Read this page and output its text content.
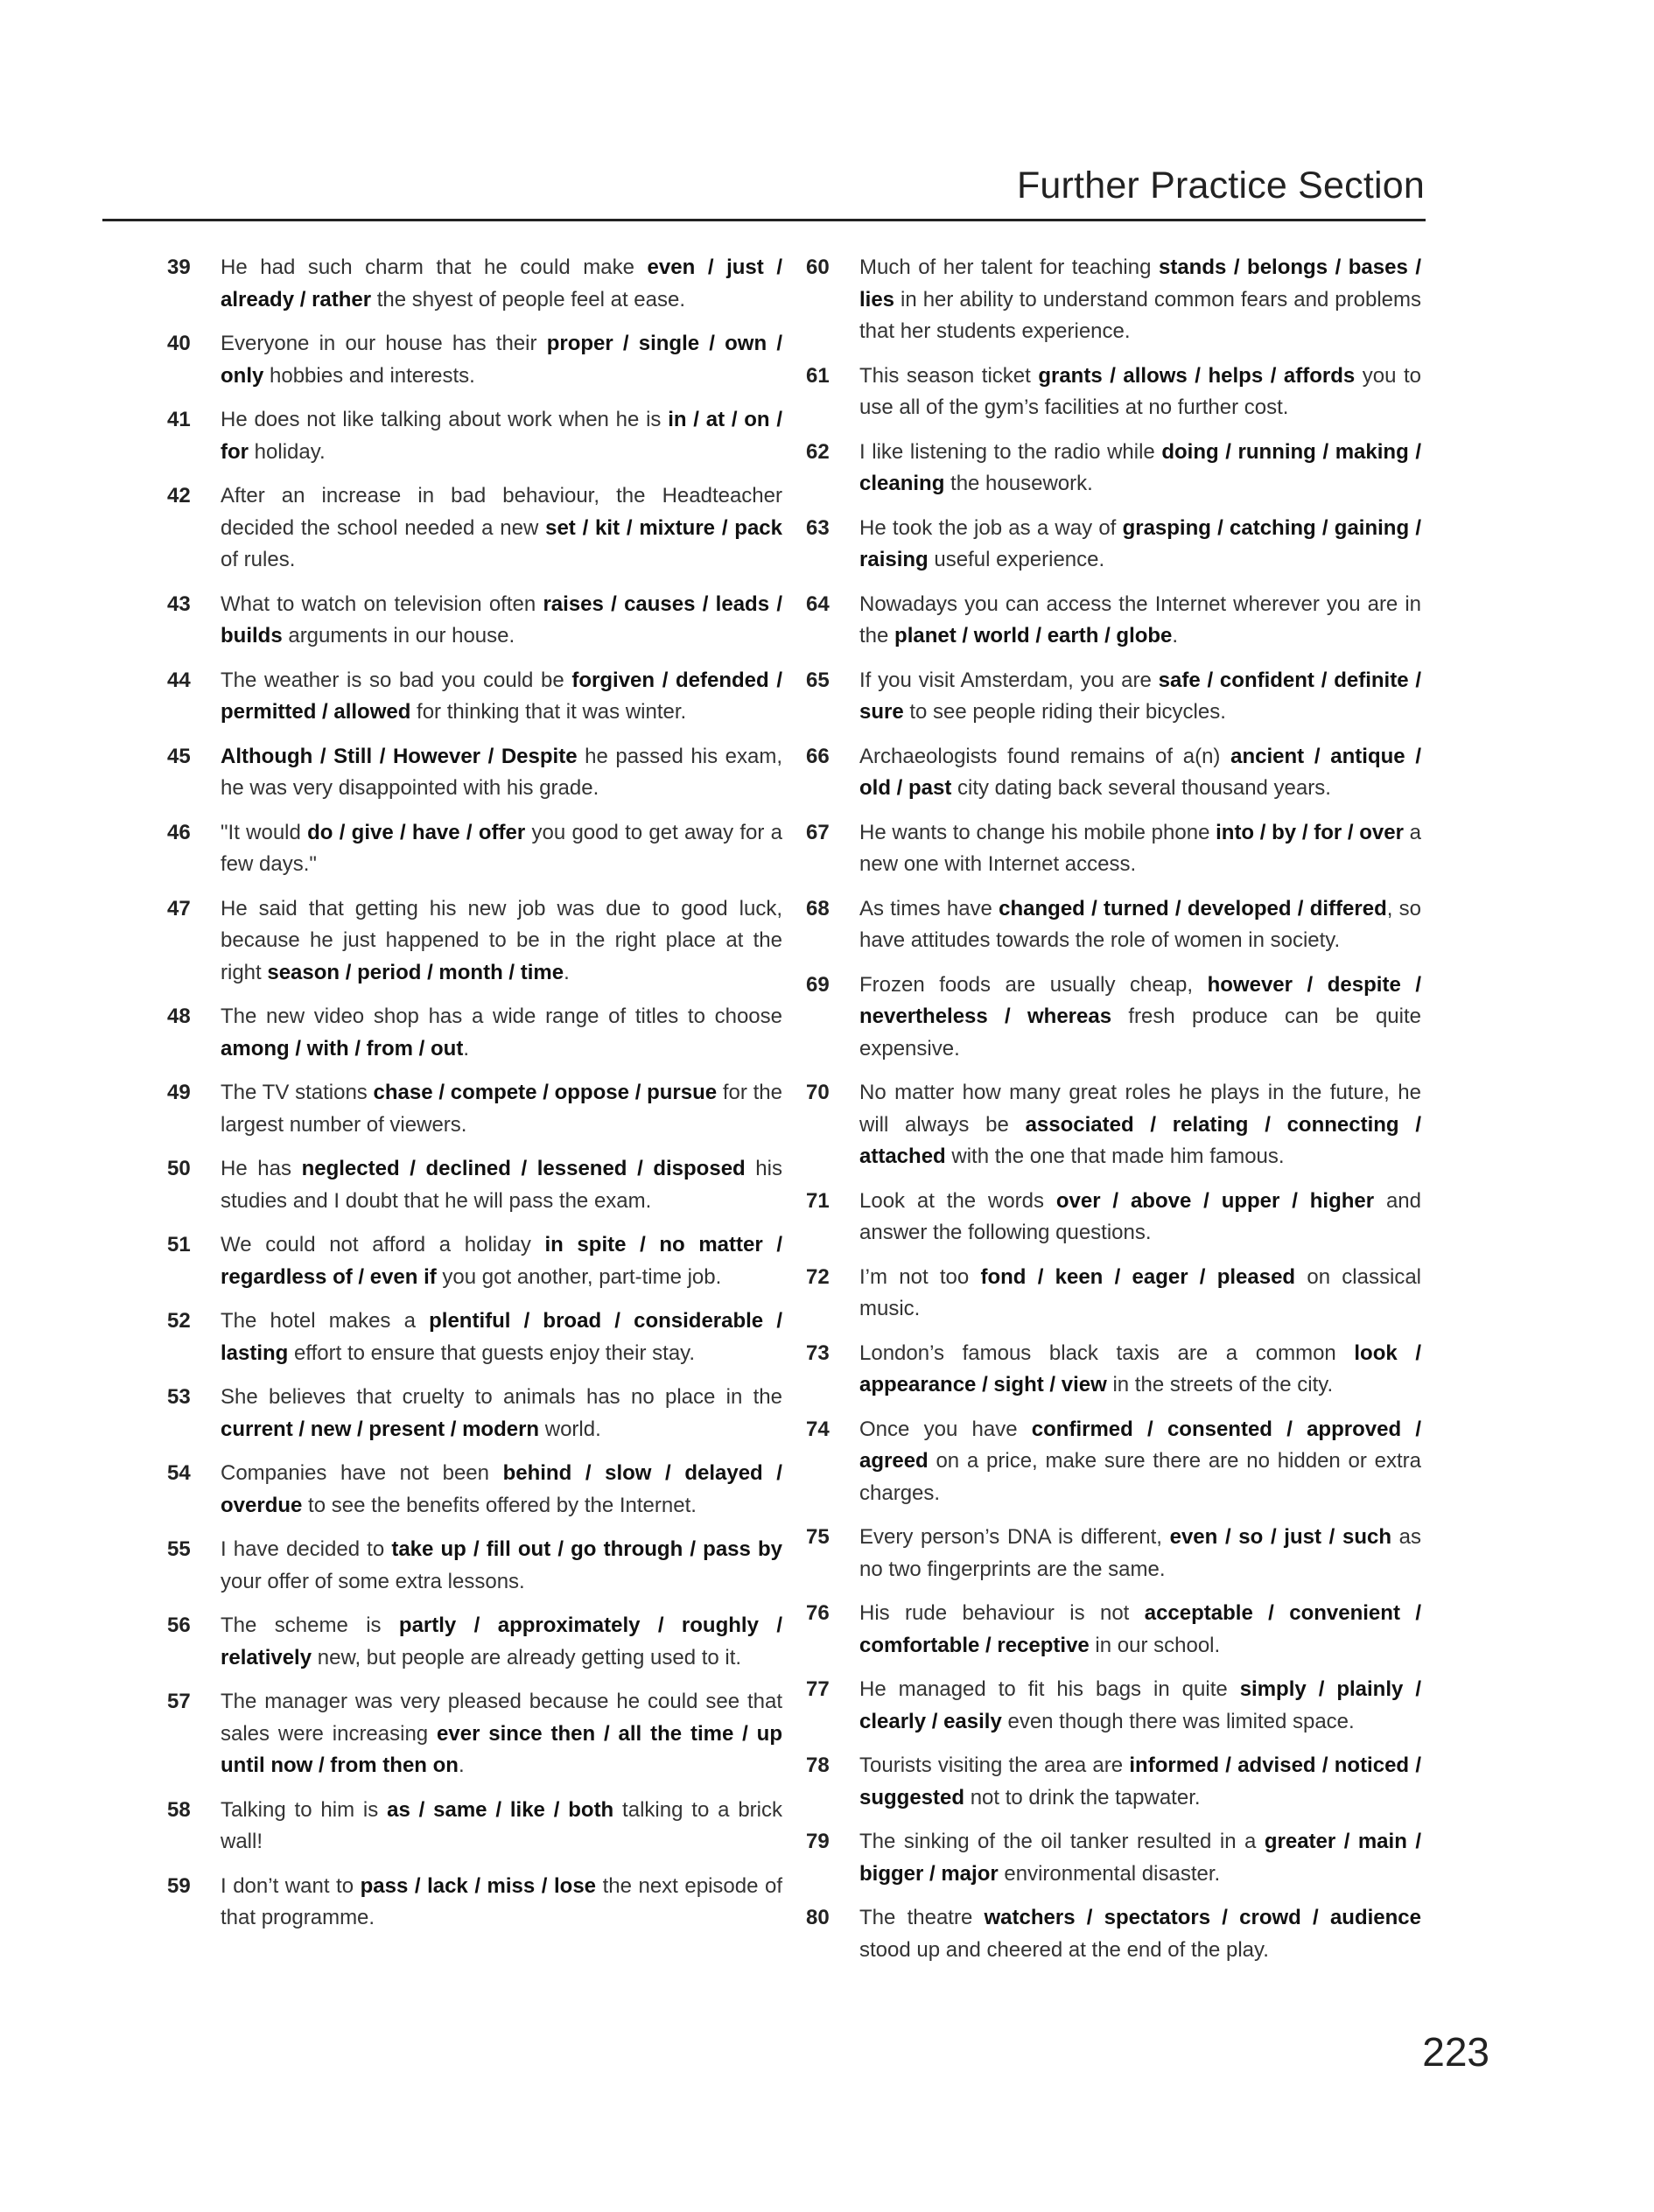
Further Practice Section
39	He had such charm that he could make even / just / already / rather the shyest of people feel at ease.

40	Everyone in our house has their proper / single / own / only hobbies and interests.

41	He does not like talking about work when he is in / at / on / for holiday.

42	After an increase in bad behaviour, the Headteacher decided the school needed a new set / kit / mixture / pack of rules.

43	What to watch on television often raises / causes / leads / builds arguments in our house.

44	The weather is so bad you could be forgiven / defended / permitted / allowed for thinking that it was winter.

45	Although / Still / However / Despite he passed his exam, he was very disappointed with his grade.

46	"It would do / give / have / offer you good to get away for a few days."

47	He said that getting his new job was due to good luck, because he just happened to be in the right place at the right season / period / month / time.

48	The new video shop has a wide range of titles to choose among / with / from / out.

49	The TV stations chase / compete / oppose / pursue for the largest number of viewers.

50	He has neglected / declined / lessened / disposed his studies and I doubt that he will pass the exam.

51	We could not afford a holiday in spite / no matter / regardless of / even if you got another, part-time job.

52	The hotel makes a plentiful / broad / considerable / lasting effort to ensure that guests enjoy their stay.

53	She believes that cruelty to animals has no place in the current / new / present / modern world.

54	Companies have not been behind / slow / delayed / overdue to see the benefits offered by the Internet.

55	I have decided to take up / fill out / go through / pass by your offer of some extra lessons.

56	The scheme is partly / approximately / roughly / relatively new, but people are already getting used to it.

57	The manager was very pleased because he could see that sales were increasing ever since then / all the time / up until now / from then on.

58	Talking to him is as / same / like / both talking to a brick wall!

59	I don’t want to pass / lack / miss / lose the next episode of that programme.

60	Much of her talent for teaching stands / belongs / bases / lies in her ability to understand common fears and problems that her students experience.

61	This season ticket grants / allows / helps / affords you to use all of the gym’s facilities at no further cost.

62	I like listening to the radio while doing / running / making / cleaning the housework.

63	He took the job as a way of grasping / catching / gaining / raising useful experience.

64	Nowadays you can access the Internet wherever you are in the planet / world / earth / globe.

65	If you visit Amsterdam, you are safe / confident / definite / sure to see people riding their bicycles.

66	Archaeologists found remains of a(n) ancient / antique / old / past city dating back several thousand years.

67	He wants to change his mobile phone into / by / for / over a new one with Internet access.

68	As times have changed / turned / developed / differed, so have attitudes towards the role of women in society.

69	Frozen foods are usually cheap, however / despite / nevertheless / whereas fresh produce can be quite expensive.

70	No matter how many great roles he plays in the future, he will always be associated / relating / connecting / attached with the one that made him famous.

71	Look at the words over / above / upper / higher and answer the following questions.

72	I’m not too fond / keen / eager / pleased on classical music.

73	London’s famous black taxis are a common look / appearance / sight / view in the streets of the city.

74	Once you have confirmed / consented / approved / agreed on a price, make sure there are no hidden or extra charges.

75	Every person’s DNA is different, even / so / just / such as no two fingerprints are the same.

76	His rude behaviour is not acceptable / convenient / comfortable / receptive in our school.

77	He managed to fit his bags in quite simply / plainly / clearly / easily even though there was limited space.

78	Tourists visiting the area are informed / advised / noticed / suggested not to drink the tapwater.

79	The sinking of the oil tanker resulted in a greater / main / bigger / major environmental disaster.

80	The theatre watchers / spectators / crowd / audience stood up and cheered at the end of the play.

223
